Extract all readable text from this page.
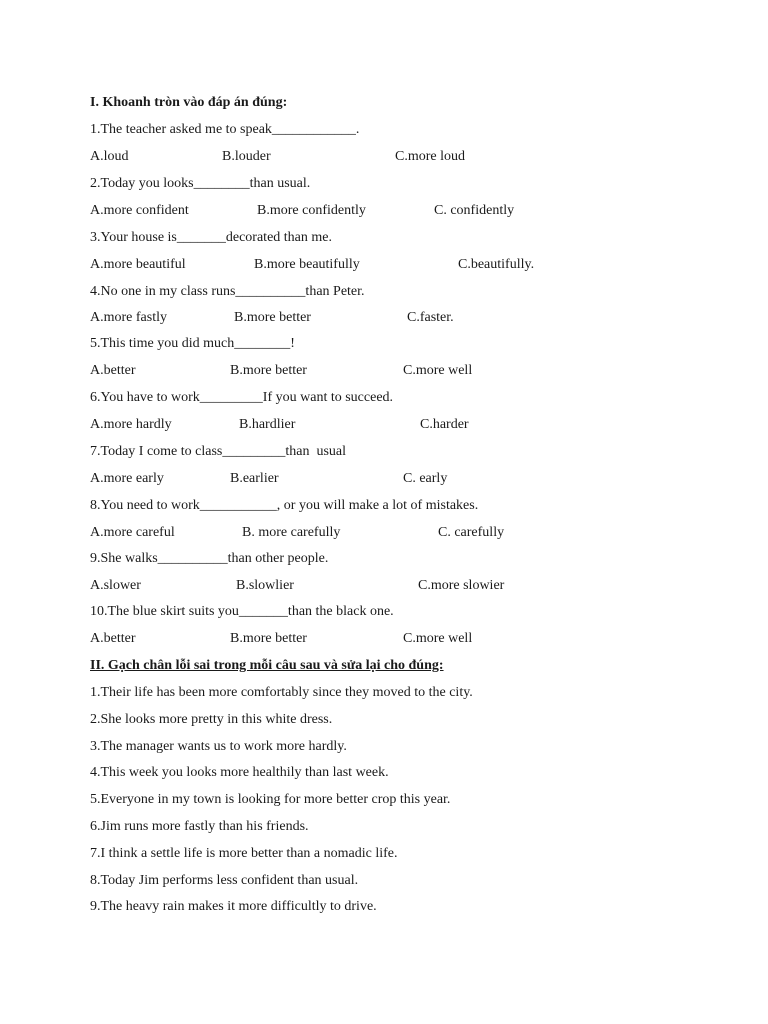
I. Khoanh tròn vào đáp án đúng:
1.The teacher asked me to speak____________.
A.loud	B.louder	C.more loud
2.Today you looks________than usual.
A.more confident	B.more confidently	C. confidently
3.Your house is_______decorated than me.
A.more beautiful	B.more beautifully	C.beautifully.
4.No one in my class runs__________than Peter.
A.more fastly	B.more better	C.faster.
5.This time you did much________!
A.better	B.more better	C.more well
6.You have to work_________If you want to succeed.
A.more hardly	B.hardlier	C.harder
7.Today I come to class_________than  usual
A.more early	B.earlier	C. early
8.You need to work___________, or you will make a lot of mistakes.
A.more careful	B. more carefully	C. carefully
9.She walks__________than other people.
A.slower	B.slowlier	C.more slowier
10.The blue skirt suits you_______than the black one.
A.better	B.more better	C.more well
II. Gạch chân lỗi sai trong mỗi câu sau và sửa lại cho đúng:
1.Their life has been more comfortably since they moved to the city.
2.She looks more pretty in this white dress.
3.The manager wants us to work more hardly.
4.This week you looks more healthily than last week.
5.Everyone in my town is looking for more better crop this year.
6.Jim runs more fastly than his friends.
7.I think a settle life is more better than a nomadic life.
8.Today Jim performs less confident than usual.
9.The heavy rain makes it more difficultly to drive.
